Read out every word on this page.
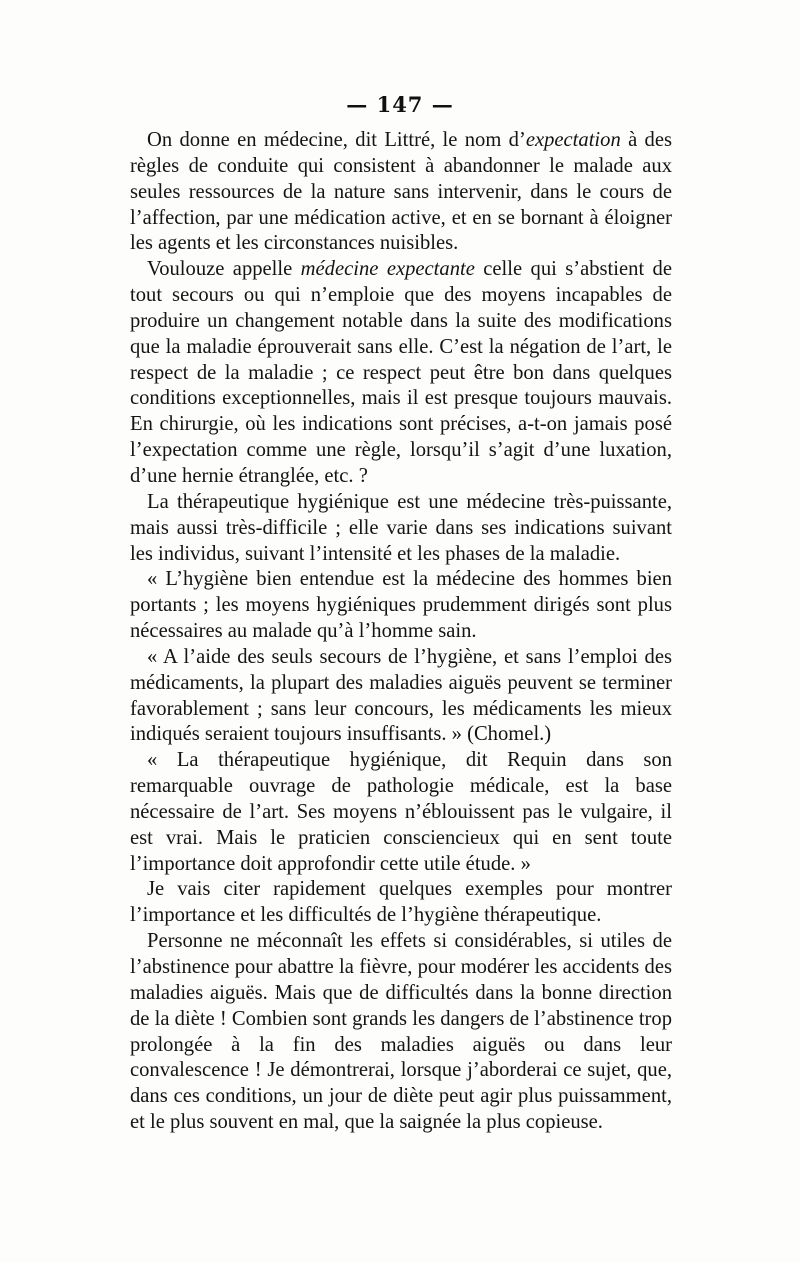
— 147 —

On donne en médecine, dit Littré, le nom d’expectation à des règles de conduite qui consistent à abandonner le malade aux seules ressources de la nature sans intervenir, dans le cours de l’affection, par une médication active, et en se bornant à éloigner les agents et les circonstances nuisibles.

Voulouze appelle médecine expectante celle qui s’abstient de tout secours ou qui n’emploie que des moyens incapables de produire un changement notable dans la suite des modifications que la maladie éprouverait sans elle. C’est la négation de l’art, le respect de la maladie ; ce respect peut être bon dans quelques conditions exceptionnelles, mais il est presque toujours mauvais. En chirurgie, où les indications sont précises, a-t-on jamais posé l’expectation comme une règle, lorsqu’il s’agit d’une luxation, d’une hernie étranglée, etc. ?

La thérapeutique hygiénique est une médecine très-puissante, mais aussi très-difficile ; elle varie dans ses indications suivant les individus, suivant l’intensité et les phases de la maladie.

« L’hygiène bien entendue est la médecine des hommes bien portants ; les moyens hygiéniques prudemment dirigés sont plus nécessaires au malade qu’à l’homme sain.

« A l’aide des seuls secours de l’hygiène, et sans l’emploi des médicaments, la plupart des maladies aiguës peuvent se terminer favorablement ; sans leur concours, les médicaments les mieux indiqués seraient toujours insuffisants. » (Chomel.)

« La thérapeutique hygiénique, dit Requin dans son remarquable ouvrage de pathologie médicale, est la base nécessaire de l’art. Ses moyens n’éblouissent pas le vulgaire, il est vrai. Mais le praticien consciencieux qui en sent toute l’importance doit approfondir cette utile étude. »

Je vais citer rapidement quelques exemples pour montrer l’importance et les difficultés de l’hygiène thérapeutique.

Personne ne méconnaît les effets si considérables, si utiles de l’abstinence pour abattre la fièvre, pour modérer les accidents des maladies aiguës. Mais que de difficultés dans la bonne direction de la diète ! Combien sont grands les dangers de l’abstinence trop prolongée à la fin des maladies aiguës ou dans leur convalescence ! Je démontrerai, lorsque j’aborderai ce sujet, que, dans ces conditions, un jour de diète peut agir plus puissamment, et le plus souvent en mal, que la saignée la plus copieuse.
